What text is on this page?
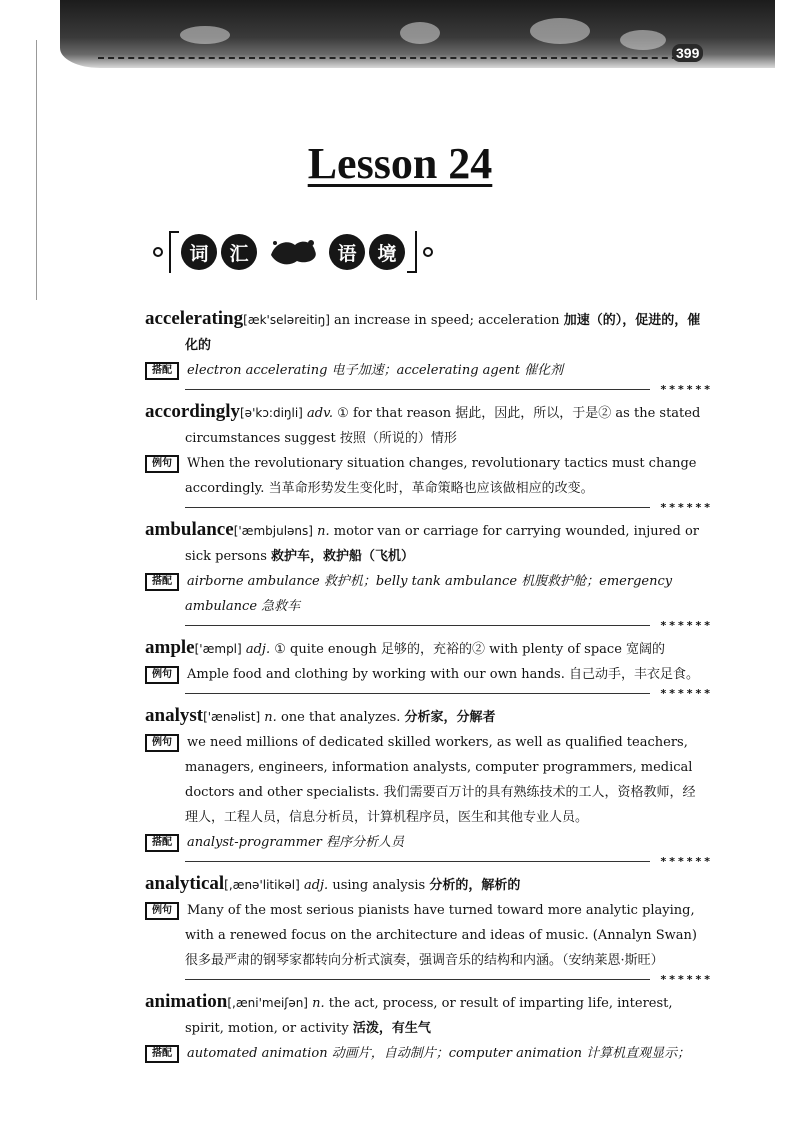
399
Lesson 24
词	汇	语	境
accelerating[æk'seləreitiŋ] an increase in speed; acceleration 加速（的），促进的，催化的
搭配 electron accelerating 电子加速；accelerating agent 催化剂
******
accordingly[ə'kɔ:diŋli] adv. ① for that reason 据此，因此，所以，于是② as the stated circumstances suggest 按照（所说的）情形
例句 When the revolutionary situation changes, revolutionary tactics must change accordingly. 当革命形势发生变化时，革命策略也应该做相应的改变。
******
ambulance['æmbjuləns] n. motor van or carriage for carrying wounded, injured or sick persons 救护车，救护船（飞机）
搭配 airborne ambulance 救护机；belly tank ambulance 机腹救护舱；emergency ambulance 急救车
******
ample['æmpl] adj. ① quite enough 足够的，充裕的② with plenty of space 宽阔的
例句 Ample food and clothing by working with our own hands. 自己动手，丰衣足食。
******
analyst['ænəlist] n. one that analyzes. 分析家，分解者
例句 we need millions of dedicated skilled workers, as well as qualified teachers, managers, engineers, information analysts, computer programmers, medical doctors and other specialists. 我们需要百万计的具有熟练技术的工人，资格教师，经理人，工程人员，信息分析员，计算机程序员，医生和其他专业人员。
搭配 analyst-programmer 程序分析人员
******
analytical[,ænə'litikəl] adj. using analysis 分析的，解析的
例句 Many of the most serious pianists have turned toward more analytic playing, with a renewed focus on the architecture and ideas of music. (Annalyn Swan) 很多最严肃的钢琴家都转向分析式演奏，强调音乐的结构和内涵。（安纳莱恩·斯旺）
******
animation[,æni'meiʃən] n. the act, process, or result of imparting life, interest, spirit, motion, or activity 活泼，有生气
搭配 automated animation 动画片，自动制片；computer animation 计算机直观显示；
